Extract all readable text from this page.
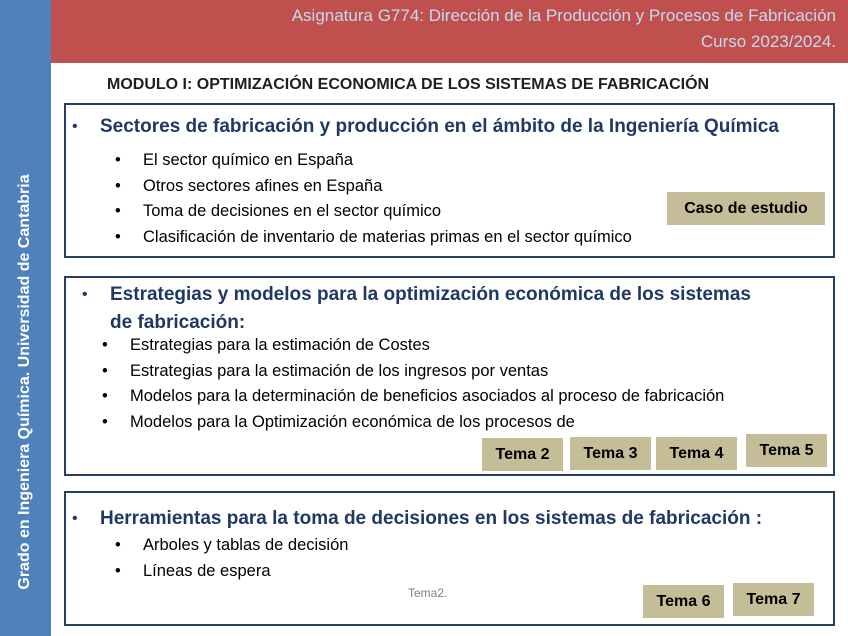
Asignatura G774: Dirección de la Producción y Procesos de Fabricación
Curso 2023/2024.
Grado en Ingeniera Química. Universidad de Cantabria
MODULO I: OPTIMIZACIÓN ECONOMICA DE LOS SISTEMAS DE FABRICACIÓN
• Sectores de fabricación y producción en el ámbito de la Ingeniería Química
• El sector químico en España
• Otros sectores afines en España
• Toma de decisiones en el sector químico
• Clasificación de inventario de materias primas en el sector químico
Caso de estudio
• Estrategias y modelos para la optimización económica de los sistemas
de fabricación:
• Estrategias para la estimación de Costes
• Estrategias para la estimación de los ingresos por ventas
• Modelos para la determinación de beneficios asociados al proceso de fabricación
• Modelos para la Optimización económica de los procesos de
Tema 2	Tema 3	Tema 4	Tema 5
• Herramientas para la toma de decisiones en los sistemas de fabricación :
• Arboles y tablas de decisión
• Líneas de espera
Tema 6	Tema 7
Tema2.
